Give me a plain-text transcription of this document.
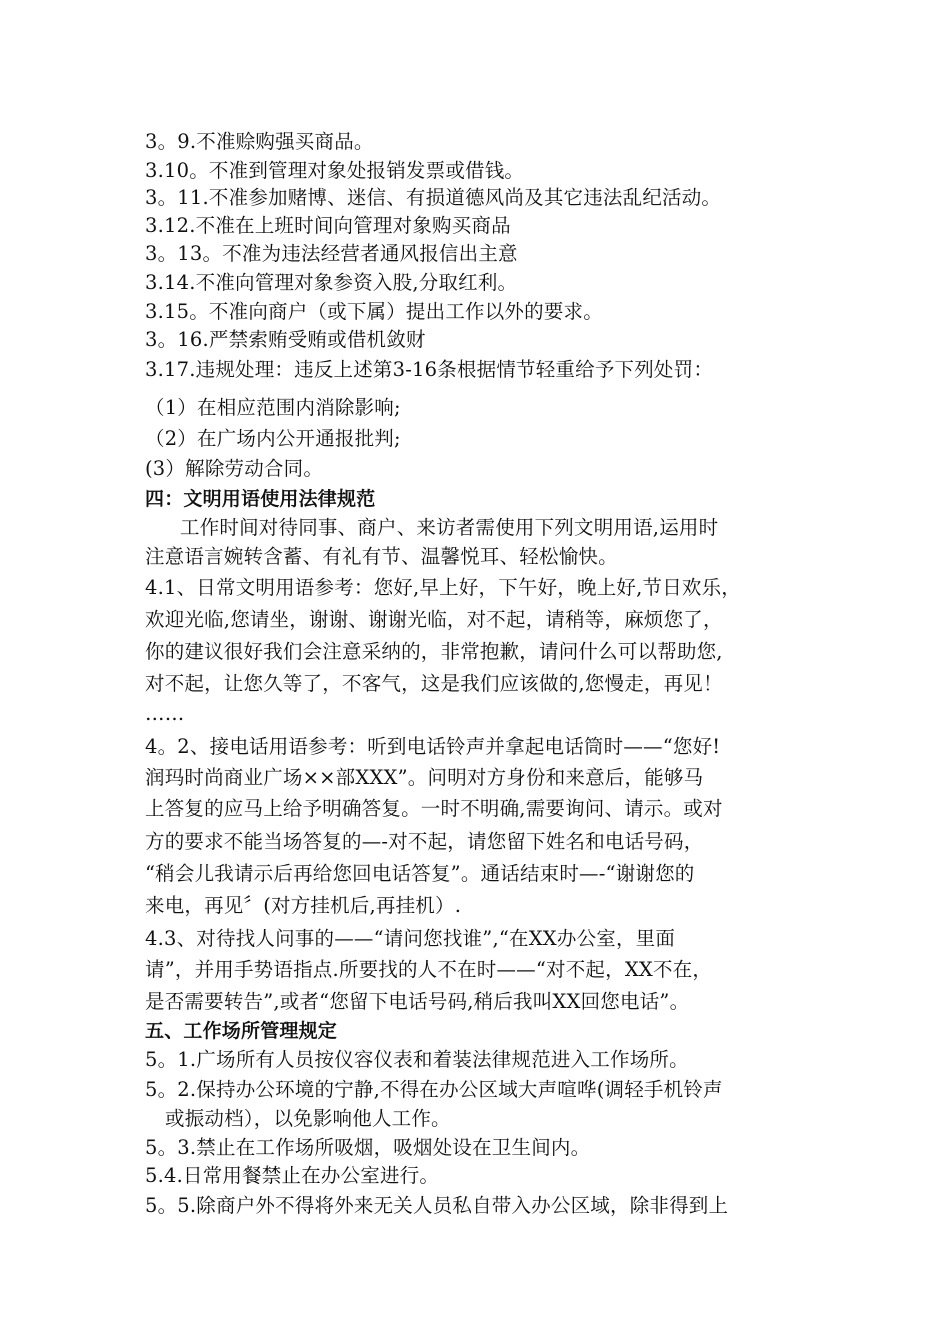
3。9.不准赊购强买商品。
3.10。不准到管理对象处报销发票或借钱。
3。11.不准参加赌博、迷信、有损道德风尚及其它违法乱纪活动。
3.12.不准在上班时间向管理对象购买商品
3。13。不准为违法经营者通风报信出主意
3.14.不准向管理对象参资入股,分取红利。
3.15。不准向商户（或下属）提出工作以外的要求。
3。16.严禁索贿受贿或借机敛财
3.17.违规处理：违反上述第3-16条根据情节轻重给予下列处罚：
（1）在相应范围内消除影响;
（2）在广场内公开通报批判;
(3）解除劳动合同。
四：文明用语使用法律规范
工作时间对待同事、商户、来访者需使用下列文明用语,运用时
注意语言婉转含蓄、有礼有节、温馨悦耳、轻松愉快。
4.1、日常文明用语参考：您好,早上好，下午好，晚上好,节日欢乐，
欢迎光临,您请坐，谢谢、谢谢光临，对不起，请稍等，麻烦您了，
你的建议很好我们会注意采纳的，非常抱歉，请问什么可以帮助您,
对不起，让您久等了，不客气，这是我们应该做的,您慢走，再见！
……
4。2、接电话用语参考：听到电话铃声并拿起电话筒时——“您好!
润玛时尚商业广场××部XXX”。问明对方身份和来意后，能够马
上答复的应马上给予明确答复。一时不明确,需要询问、请示。或对
方的要求不能当场答复的—-对不起，请您留下姓名和电话号码，
“稍会儿我请示后再给您回电话答复”。通话结束时—-“谢谢您的
来电，再见〞(对方挂机后,再挂机）.
4.3、对待找人问事的——“请问您找谁”,“在XX办公室，里面
请”，并用手势语指点.所要找的人不在时——“对不起，XX不在，
是否需要转告”,或者“您留下电话号码,稍后我叫XX回您电话”。
五、工作场所管理规定
5。1.广场所有人员按仪容仪表和着装法律规范进入工作场所。
5。2.保持办公环境的宁静,不得在办公区域大声喧哗(调轻手机铃声
或振动档），以免影响他人工作。
5。3.禁止在工作场所吸烟，吸烟处设在卫生间内。
5.4.日常用餐禁止在办公室进行。
5。5.除商户外不得将外来无关人员私自带入办公区域，除非得到上
